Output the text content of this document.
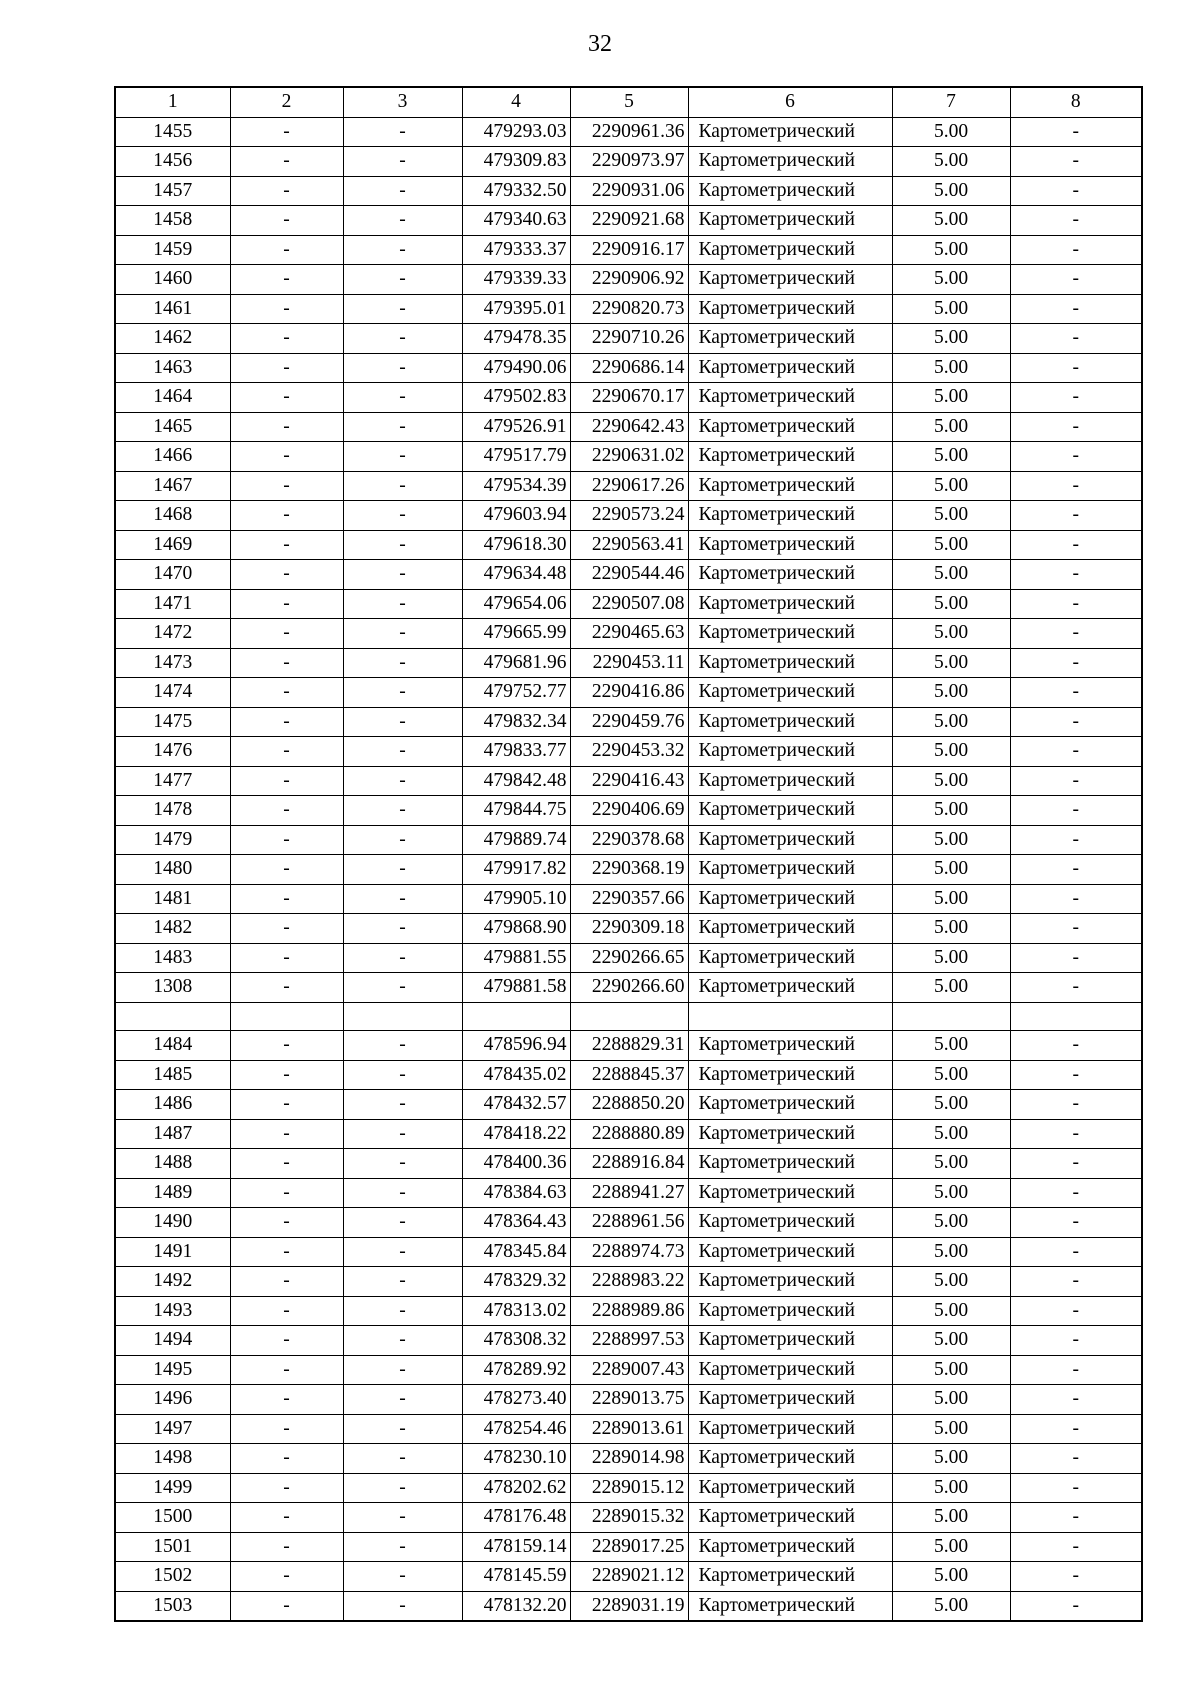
32
1	2	3	4	5	6	7	8
1455	-	-	479293.03	2290961.36	Картометрический	5.00	-
1456	-	-	479309.83	2290973.97	Картометрический	5.00	-
1457	-	-	479332.50	2290931.06	Картометрический	5.00	-
1458	-	-	479340.63	2290921.68	Картометрический	5.00	-
1459	-	-	479333.37	2290916.17	Картометрический	5.00	-
1460	-	-	479339.33	2290906.92	Картометрический	5.00	-
1461	-	-	479395.01	2290820.73	Картометрический	5.00	-
1462	-	-	479478.35	2290710.26	Картометрический	5.00	-
1463	-	-	479490.06	2290686.14	Картометрический	5.00	-
1464	-	-	479502.83	2290670.17	Картометрический	5.00	-
1465	-	-	479526.91	2290642.43	Картометрический	5.00	-
1466	-	-	479517.79	2290631.02	Картометрический	5.00	-
1467	-	-	479534.39	2290617.26	Картометрический	5.00	-
1468	-	-	479603.94	2290573.24	Картометрический	5.00	-
1469	-	-	479618.30	2290563.41	Картометрический	5.00	-
1470	-	-	479634.48	2290544.46	Картометрический	5.00	-
1471	-	-	479654.06	2290507.08	Картометрический	5.00	-
1472	-	-	479665.99	2290465.63	Картометрический	5.00	-
1473	-	-	479681.96	2290453.11	Картометрический	5.00	-
1474	-	-	479752.77	2290416.86	Картометрический	5.00	-
1475	-	-	479832.34	2290459.76	Картометрический	5.00	-
1476	-	-	479833.77	2290453.32	Картометрический	5.00	-
1477	-	-	479842.48	2290416.43	Картометрический	5.00	-
1478	-	-	479844.75	2290406.69	Картометрический	5.00	-
1479	-	-	479889.74	2290378.68	Картометрический	5.00	-
1480	-	-	479917.82	2290368.19	Картометрический	5.00	-
1481	-	-	479905.10	2290357.66	Картометрический	5.00	-
1482	-	-	479868.90	2290309.18	Картометрический	5.00	-
1483	-	-	479881.55	2290266.65	Картометрический	5.00	-
1308	-	-	479881.58	2290266.60	Картометрический	5.00	-

1484	-	-	478596.94	2288829.31	Картометрический	5.00	-
1485	-	-	478435.02	2288845.37	Картометрический	5.00	-
1486	-	-	478432.57	2288850.20	Картометрический	5.00	-
1487	-	-	478418.22	2288880.89	Картометрический	5.00	-
1488	-	-	478400.36	2288916.84	Картометрический	5.00	-
1489	-	-	478384.63	2288941.27	Картометрический	5.00	-
1490	-	-	478364.43	2288961.56	Картометрический	5.00	-
1491	-	-	478345.84	2288974.73	Картометрический	5.00	-
1492	-	-	478329.32	2288983.22	Картометрический	5.00	-
1493	-	-	478313.02	2288989.86	Картометрический	5.00	-
1494	-	-	478308.32	2288997.53	Картометрический	5.00	-
1495	-	-	478289.92	2289007.43	Картометрический	5.00	-
1496	-	-	478273.40	2289013.75	Картометрический	5.00	-
1497	-	-	478254.46	2289013.61	Картометрический	5.00	-
1498	-	-	478230.10	2289014.98	Картометрический	5.00	-
1499	-	-	478202.62	2289015.12	Картометрический	5.00	-
1500	-	-	478176.48	2289015.32	Картометрический	5.00	-
1501	-	-	478159.14	2289017.25	Картометрический	5.00	-
1502	-	-	478145.59	2289021.12	Картометрический	5.00	-
1503	-	-	478132.20	2289031.19	Картометрический	5.00	-
